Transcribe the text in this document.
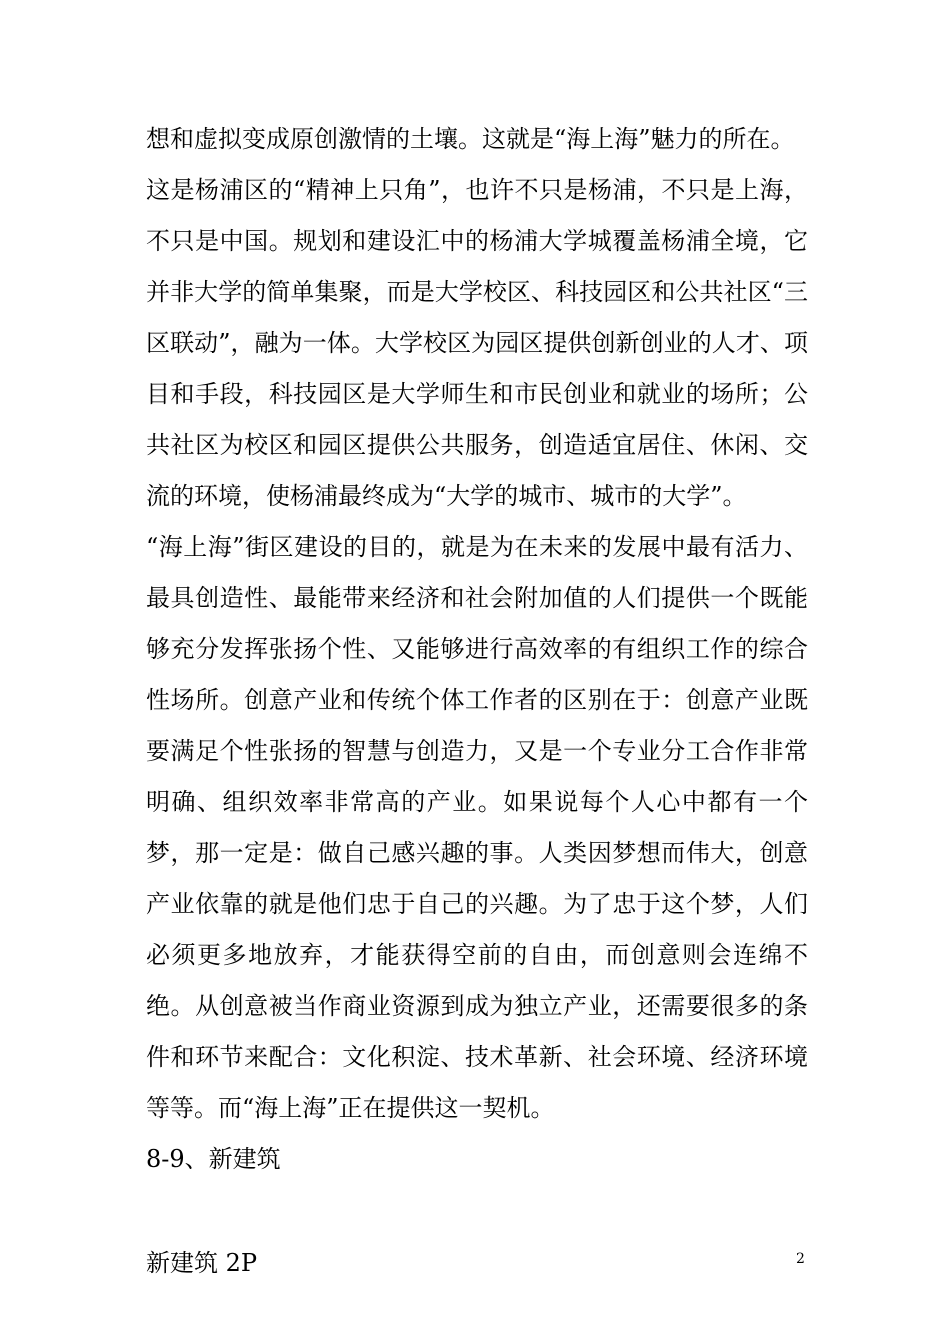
想和虚拟变成原创激情的土壤。这就是“海上海”魅力的所在。

这是杨浦区的“精神上只角”，也许不只是杨浦，不只是上海，不只是中国。规划和建设汇中的杨浦大学城覆盖杨浦全境，它并非大学的简单集聚，而是大学校区、科技园区和公共社区“三区联动”，融为一体。大学校区为园区提供创新创业的人才、项目和手段，科技园区是大学师生和市民创业和就业的场所；公共社区为校区和园区提供公共服务，创造适宜居住、休闲、交流的环境，使杨浦最终成为“大学的城市、城市的大学”。

“海上海”街区建设的目的，就是为在未来的发展中最有活力、最具创造性、最能带来经济和社会附加值的人们提供一个既能够充分发挥张扬个性、又能够进行高效率的有组织工作的综合性场所。创意产业和传统个体工作者的区别在于：创意产业既要满足个性张扬的智慧与创造力，又是一个专业分工合作非常明确、组织效率非常高的产业。如果说每个人心中都有一个梦，那一定是：做自己感兴趣的事。人类因梦想而伟大，创意产业依靠的就是他们忠于自己的兴趣。为了忠于这个梦，人们必须更多地放弃，才能获得空前的自由，而创意则会连绵不绝。从创意被当作商业资源到成为独立产业，还需要很多的条件和环节来配合：文化积淀、技术革新、社会环境、经济环境等等。而“海上海”正在提供这一契机。

8-9、新建筑

新建筑 2P	2
